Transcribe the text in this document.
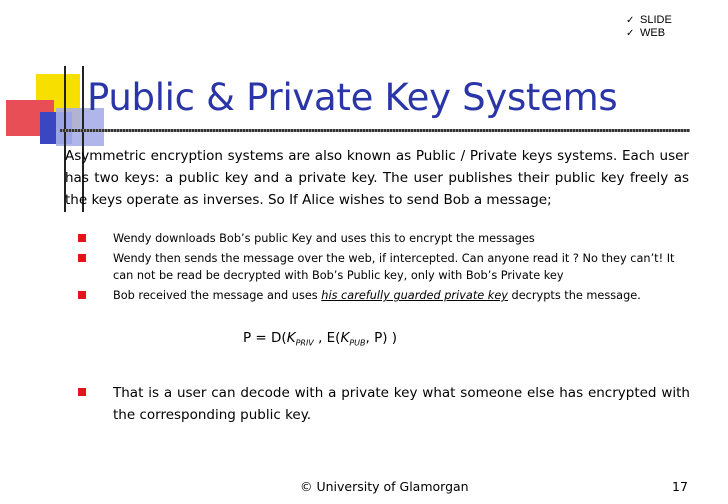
✓ SLIDE
✓ WEB
Public & Private Key Systems
Asymmetric encryption systems are also known as Public / Private keys systems. Each user has two keys: a public key and a private key. The user publishes their public key freely as the keys operate as inverses. So If Alice wishes to send Bob a message;
Wendy downloads Bob’s public Key and uses this to encrypt the messages
Wendy then sends the message over the web, if intercepted. Can anyone read it ? No they can’t! It can not be read be decrypted with Bob’s Public key, only with Bob’s Private key
Bob received the message and uses his carefully guarded private key decrypts the message.
$P = D(K_{PRIV}$ , $E(K_{PUB}$, P) )
That is a user can decode with a private key what someone else has encrypted with the corresponding public key.
© University of Glamorgan	17
